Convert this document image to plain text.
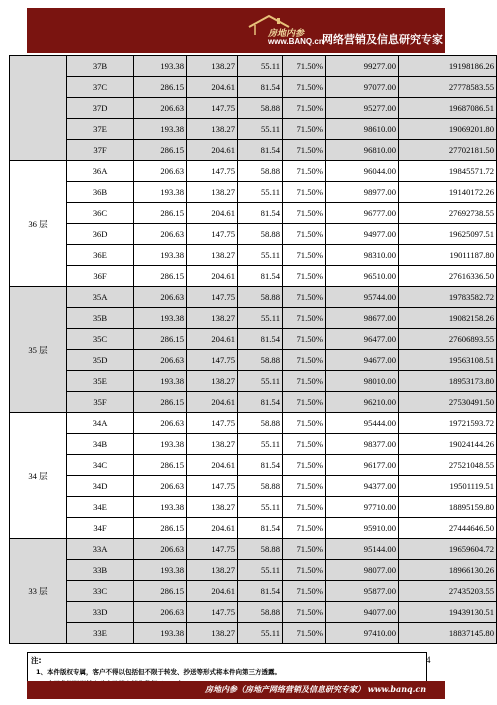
房地内参
www.BANQ.cn
网络营销及信息研究专家
	37B	193.38	138.27	55.11	71.50%	99277.00	19198186.26
	37C	286.15	204.61	81.54	71.50%	97077.00	27778583.55
	37D	206.63	147.75	58.88	71.50%	95277.00	19687086.51
	37E	193.38	138.27	55.11	71.50%	98610.00	19069201.80
	37F	286.15	204.61	81.54	71.50%	96810.00	27702181.50
36 层	36A	206.63	147.75	58.88	71.50%	96044.00	19845571.72
	36B	193.38	138.27	55.11	71.50%	98977.00	19140172.26
	36C	286.15	204.61	81.54	71.50%	96777.00	27692738.55
	36D	206.63	147.75	58.88	71.50%	94977.00	19625097.51
	36E	193.38	138.27	55.11	71.50%	98310.00	19011187.80
	36F	286.15	204.61	81.54	71.50%	96510.00	27616336.50
35 层	35A	206.63	147.75	58.88	71.50%	95744.00	19783582.72
	35B	193.38	138.27	55.11	71.50%	98677.00	19082158.26
	35C	286.15	204.61	81.54	71.50%	96477.00	27606893.55
	35D	206.63	147.75	58.88	71.50%	94677.00	19563108.51
	35E	193.38	138.27	55.11	71.50%	98010.00	18953173.80
	35F	286.15	204.61	81.54	71.50%	96210.00	27530491.50
34 层	34A	206.63	147.75	58.88	71.50%	95444.00	19721593.72
	34B	193.38	138.27	55.11	71.50%	98377.00	19024144.26
	34C	286.15	204.61	81.54	71.50%	96177.00	27521048.55
	34D	206.63	147.75	58.88	71.50%	94377.00	19501119.51
	34E	193.38	138.27	55.11	71.50%	97710.00	18895159.80
	34F	286.15	204.61	81.54	71.50%	95910.00	27444646.50
33 层	33A	206.63	147.75	58.88	71.50%	95144.00	19659604.72
	33B	193.38	138.27	55.11	71.50%	98077.00	18966130.26
	33C	286.15	204.61	81.54	71.50%	95877.00	27435203.55
	33D	206.63	147.75	58.88	71.50%	94077.00	19439130.51
	33E	193.38	138.27	55.11	71.50%	97410.00	18837145.80
注:
1、本件版权专属，客户不得以包括但不限于转发、抄送等形式将本件向第三方透露。
4
房地内参（房地产网络营销及信息研究专家） www.banq.cn
